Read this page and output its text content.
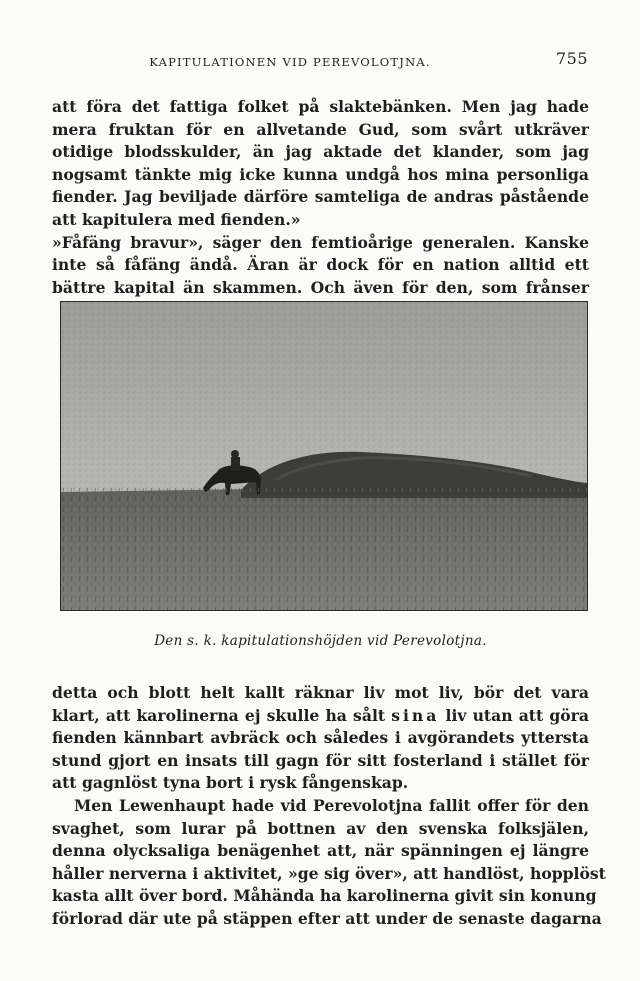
KAPITULATIONEN VID PEREVOLOTJNA.	755
att föra det fattiga folket på slaktebänken. Men jag hade
mera fruktan för en allvetande Gud, som svårt utkräver
otidige blodsskulder, än jag aktade det klander, som jag
nogsamt tänkte mig icke kunna undgå hos mina personliga
fiender. Jag beviljade därföre samteliga de andras påstående
att kapitulera med fienden.»
»Fåfäng bravur», säger den femtioårige generalen. Kanske
inte så fåfäng ändå. Äran är dock för en nation alltid ett
bättre kapital än skammen. Och även för den, som frånser
Den s. k. kapitulationshöjden vid Perevolotjna.
detta och blott helt kallt räknar liv mot liv, bör det vara
klart, att karolinerna ej skulle ha sålt sina liv utan att göra
fienden kännbart avbräck och således i avgörandets yttersta
stund gjort en insats till gagn för sitt fosterland i stället för
att gagnlöst tyna bort i rysk fångenskap.
Men Lewenhaupt hade vid Perevolotjna fallit offer för den
svaghet, som lurar på bottnen av den svenska folksjälen,
denna olycksaliga benägenhet att, när spänningen ej längre
håller nerverna i aktivitet, »ge sig över», att handlöst, hopplöst
kasta allt över bord. Måhända ha karolinerna givit sin konung
förlorad där ute på stäppen efter att under de senaste dagarna
